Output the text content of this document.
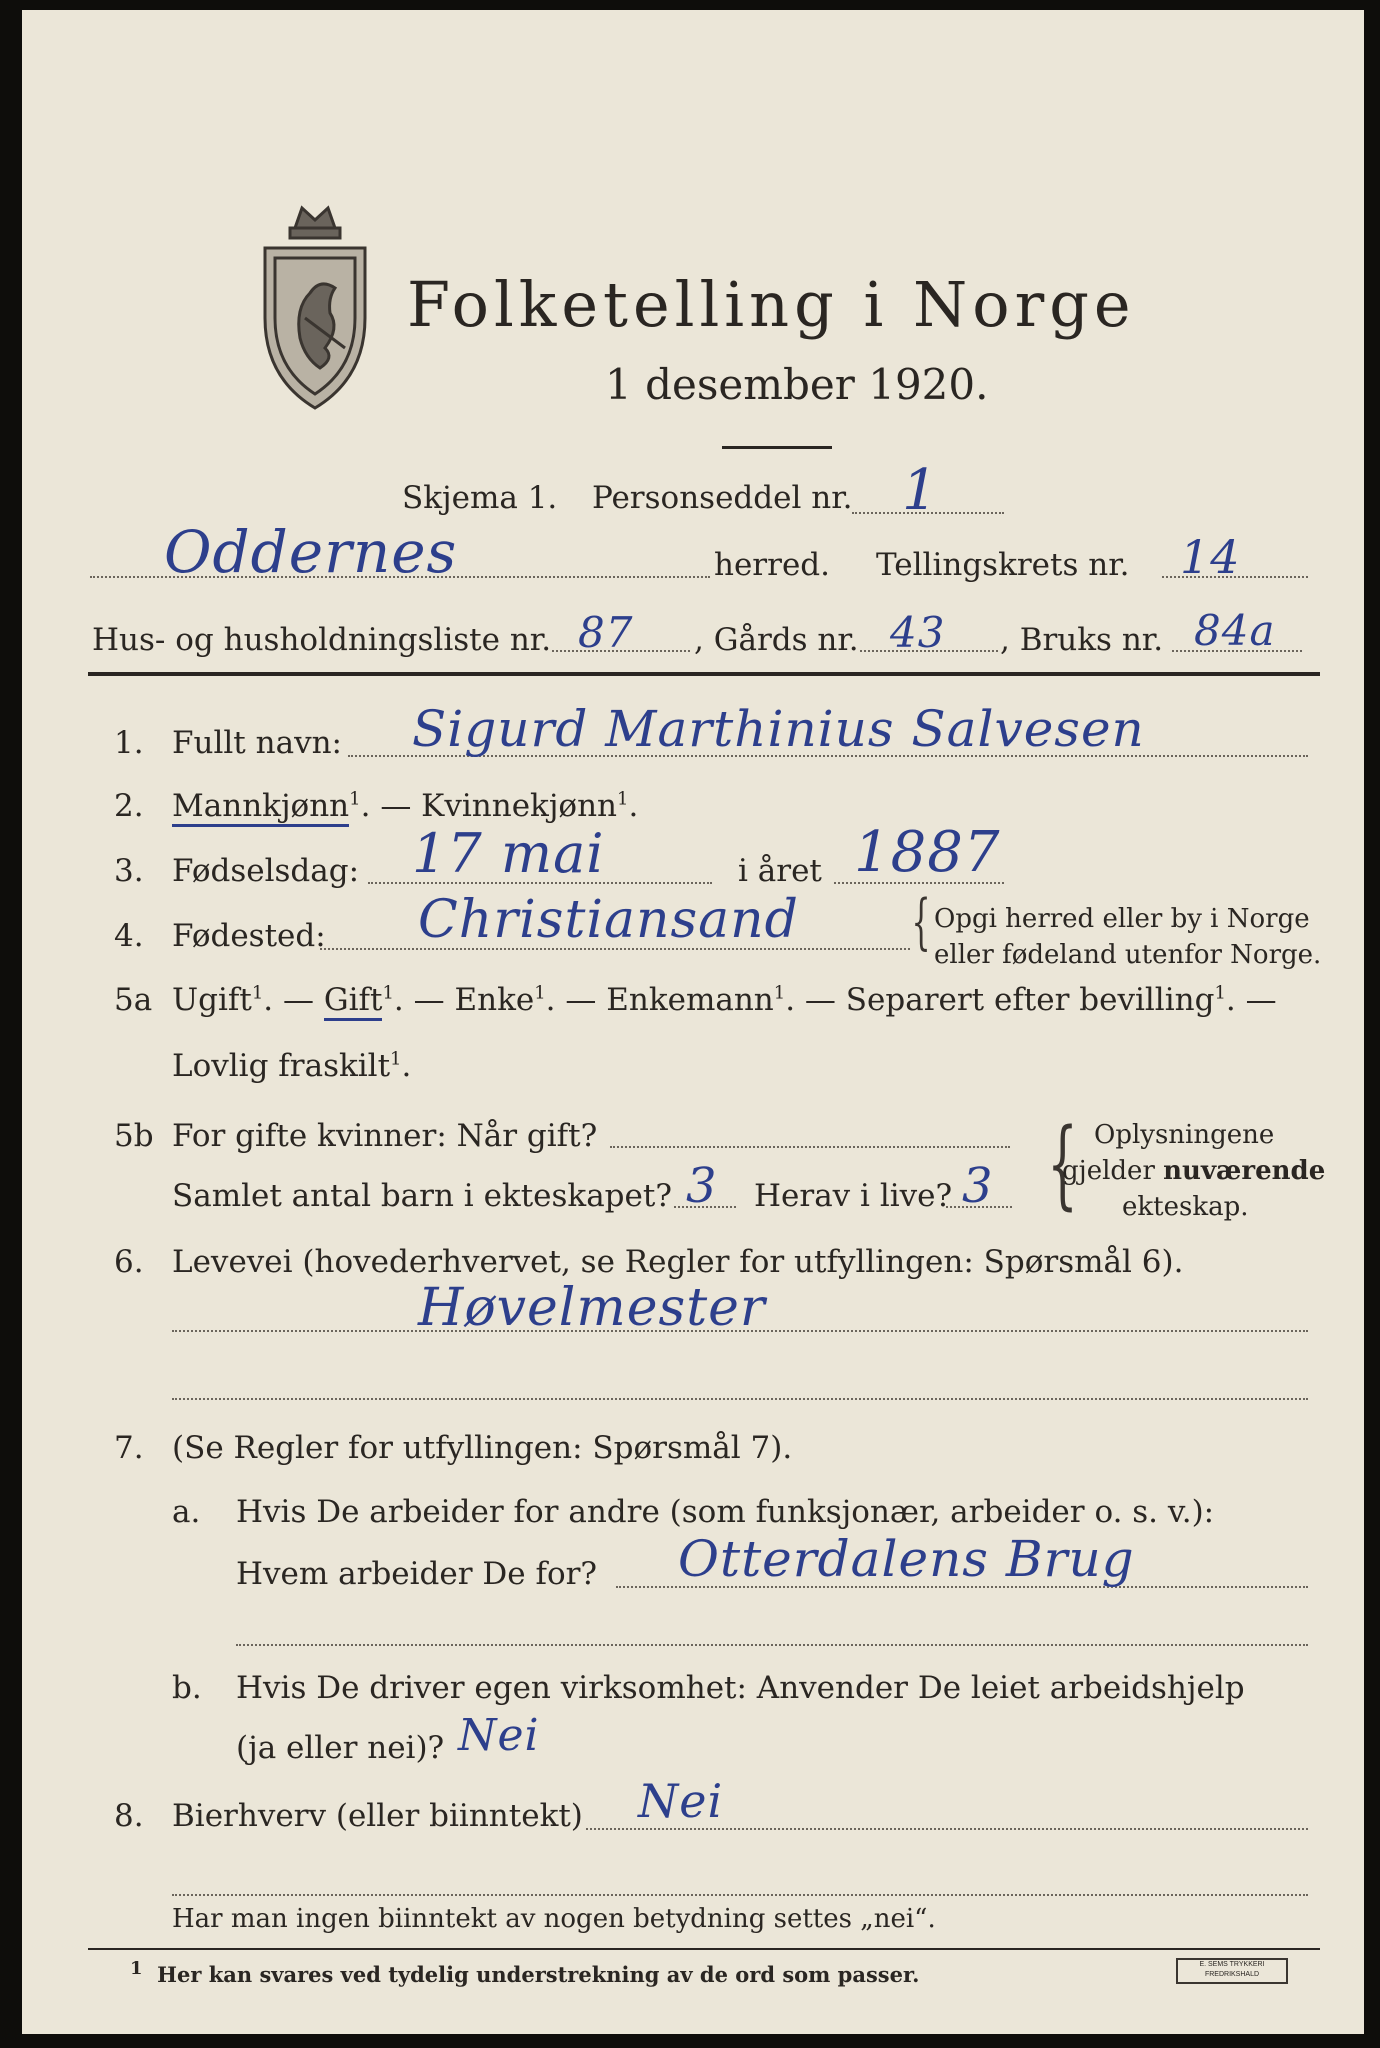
Folketelling i Norge
1 desember 1920.
Skjema 1. Personseddel nr. 1
Oddernes	herred. Tellingskrets nr. 14
Hus- og husholdningsliste nr. 87 , Gårds nr. 43 , Bruks nr. 84a
1. Fullt navn: Sigurd Marthinius Salvesen
2. Mannkjønn$^1$. — Kvinnekjønn$^1$.
3. Fødselsdag: 17 mai	i året 1887
4. Fødested: Christiansand { Opgi herred eller by i Norge
eller fødeland utenfor Norge.
5a Ugift$^1$. — Gift$^1$. — Enke$^1$. — Enkemann$^1$. — Separert efter bevilling$^1$. —
Lovlig fraskilt$^1$.
5b For gifte kvinner: Når gift?
Samlet antal barn i ekteskapet? 3 Herav i live? 3 { Oplysningene
gjelder nuværende
ekteskap.
6. Levevei (hovederhvervet, se Regler for utfyllingen: Spørsmål 6).
Høvelmester
7. (Se Regler for utfyllingen: Spørsmål 7).
a. Hvis De arbeider for andre (som funksjonær, arbeider o. s. v.):
Hvem arbeider De for? Otterdalens Brug
b. Hvis De driver egen virksomhet: Anvender De leiet arbeidshjelp
(ja eller nei)? Nei
8. Bierhverv (eller biinntekt) Nei
Har man ingen biinntekt av nogen betydning settes „nei“.
1 Her kan svares ved tydelig understrekning av de ord som passer.	E. SEMS TRYKKERI FREDRIKSHALD
